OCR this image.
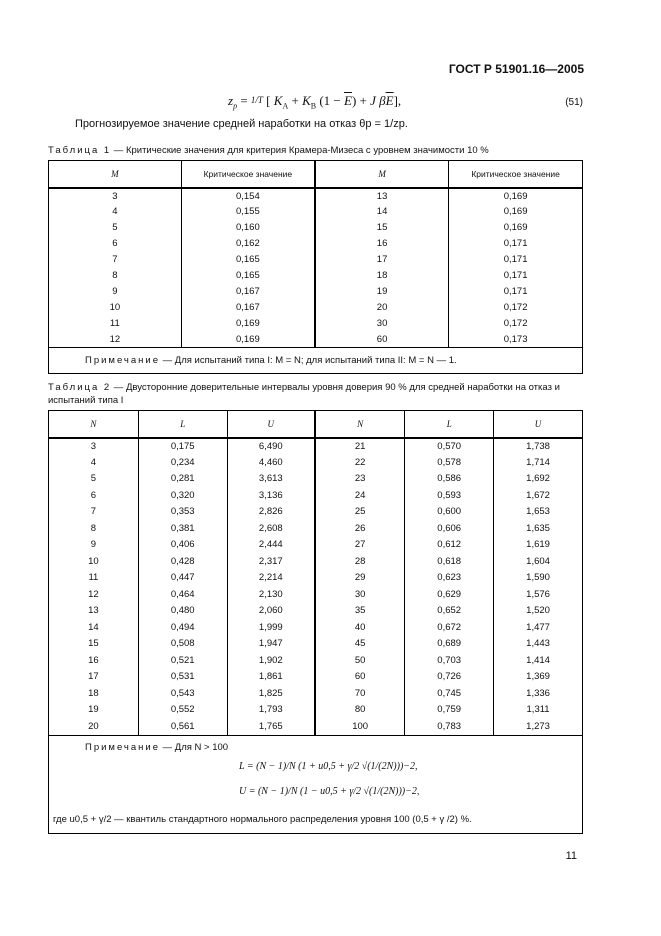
ГОСТ Р 51901.16—2005
$z_p = 1/T$ [ $K_A + K_B$ $(1 - \overline{E}) + J$ $\beta\overline{E}$],	(51)
Прогнозируемое значение средней наработки на отказ θp = 1/zp.
Таблица 1 — Критические значения для критерия Крамера-Мизеса с уровнем значимости 10 %
M	Критическое значение	M	Критическое значение
3	0,154	13	0,169
4	0,155	14	0,169
5	0,160	15	0,169
6	0,162	16	0,171
7	0,165	17	0,171
8	0,165	18	0,171
9	0,167	19	0,171
10	0,167	20	0,172
11	0,169	30	0,172
12	0,169	60	0,173
Примечание — Для испытаний типа I: M = N; для испытаний типа II: M = N — 1.			
Таблица 2 — Двусторонние доверительные интервалы уровня доверия 90 % для средней наработки на отказ и испытаний типа I
N	L	U	N	L	U
3	0,175	6,490	21	0,570	1,738
4	0,234	4,460	22	0,578	1,714
5	0,281	3,613	23	0,586	1,692
6	0,320	3,136	24	0,593	1,672
7	0,353	2,826	25	0,600	1,653
8	0,381	2,608	26	0,606	1,635
9	0,406	2,444	27	0,612	1,619
10	0,428	2,317	28	0,618	1,604
11	0,447	2,214	29	0,623	1,590
12	0,464	2,130	30	0,629	1,576
13	0,480	2,060	35	0,652	1,520
14	0,494	1,999	40	0,672	1,477
15	0,508	1,947	45	0,689	1,443
16	0,521	1,902	50	0,703	1,414
17	0,531	1,861	60	0,726	1,369
18	0,543	1,825	70	0,745	1,336
19	0,552	1,793	80	0,759	1,311
20	0,561	1,765	100	0,783	1,273

Примечание — Для N > 100
L = (N − 1)/N (1 + u0,5 + γ/2 √(1/(2N)))−2,
U = (N − 1)/N (1 − u0,5 + γ/2 √(1/(2N)))−2,
где u0,5 + γ/2 — квантиль стандартного нормального распределения уровня 100 (0,5 + γ /2) %.					
11
